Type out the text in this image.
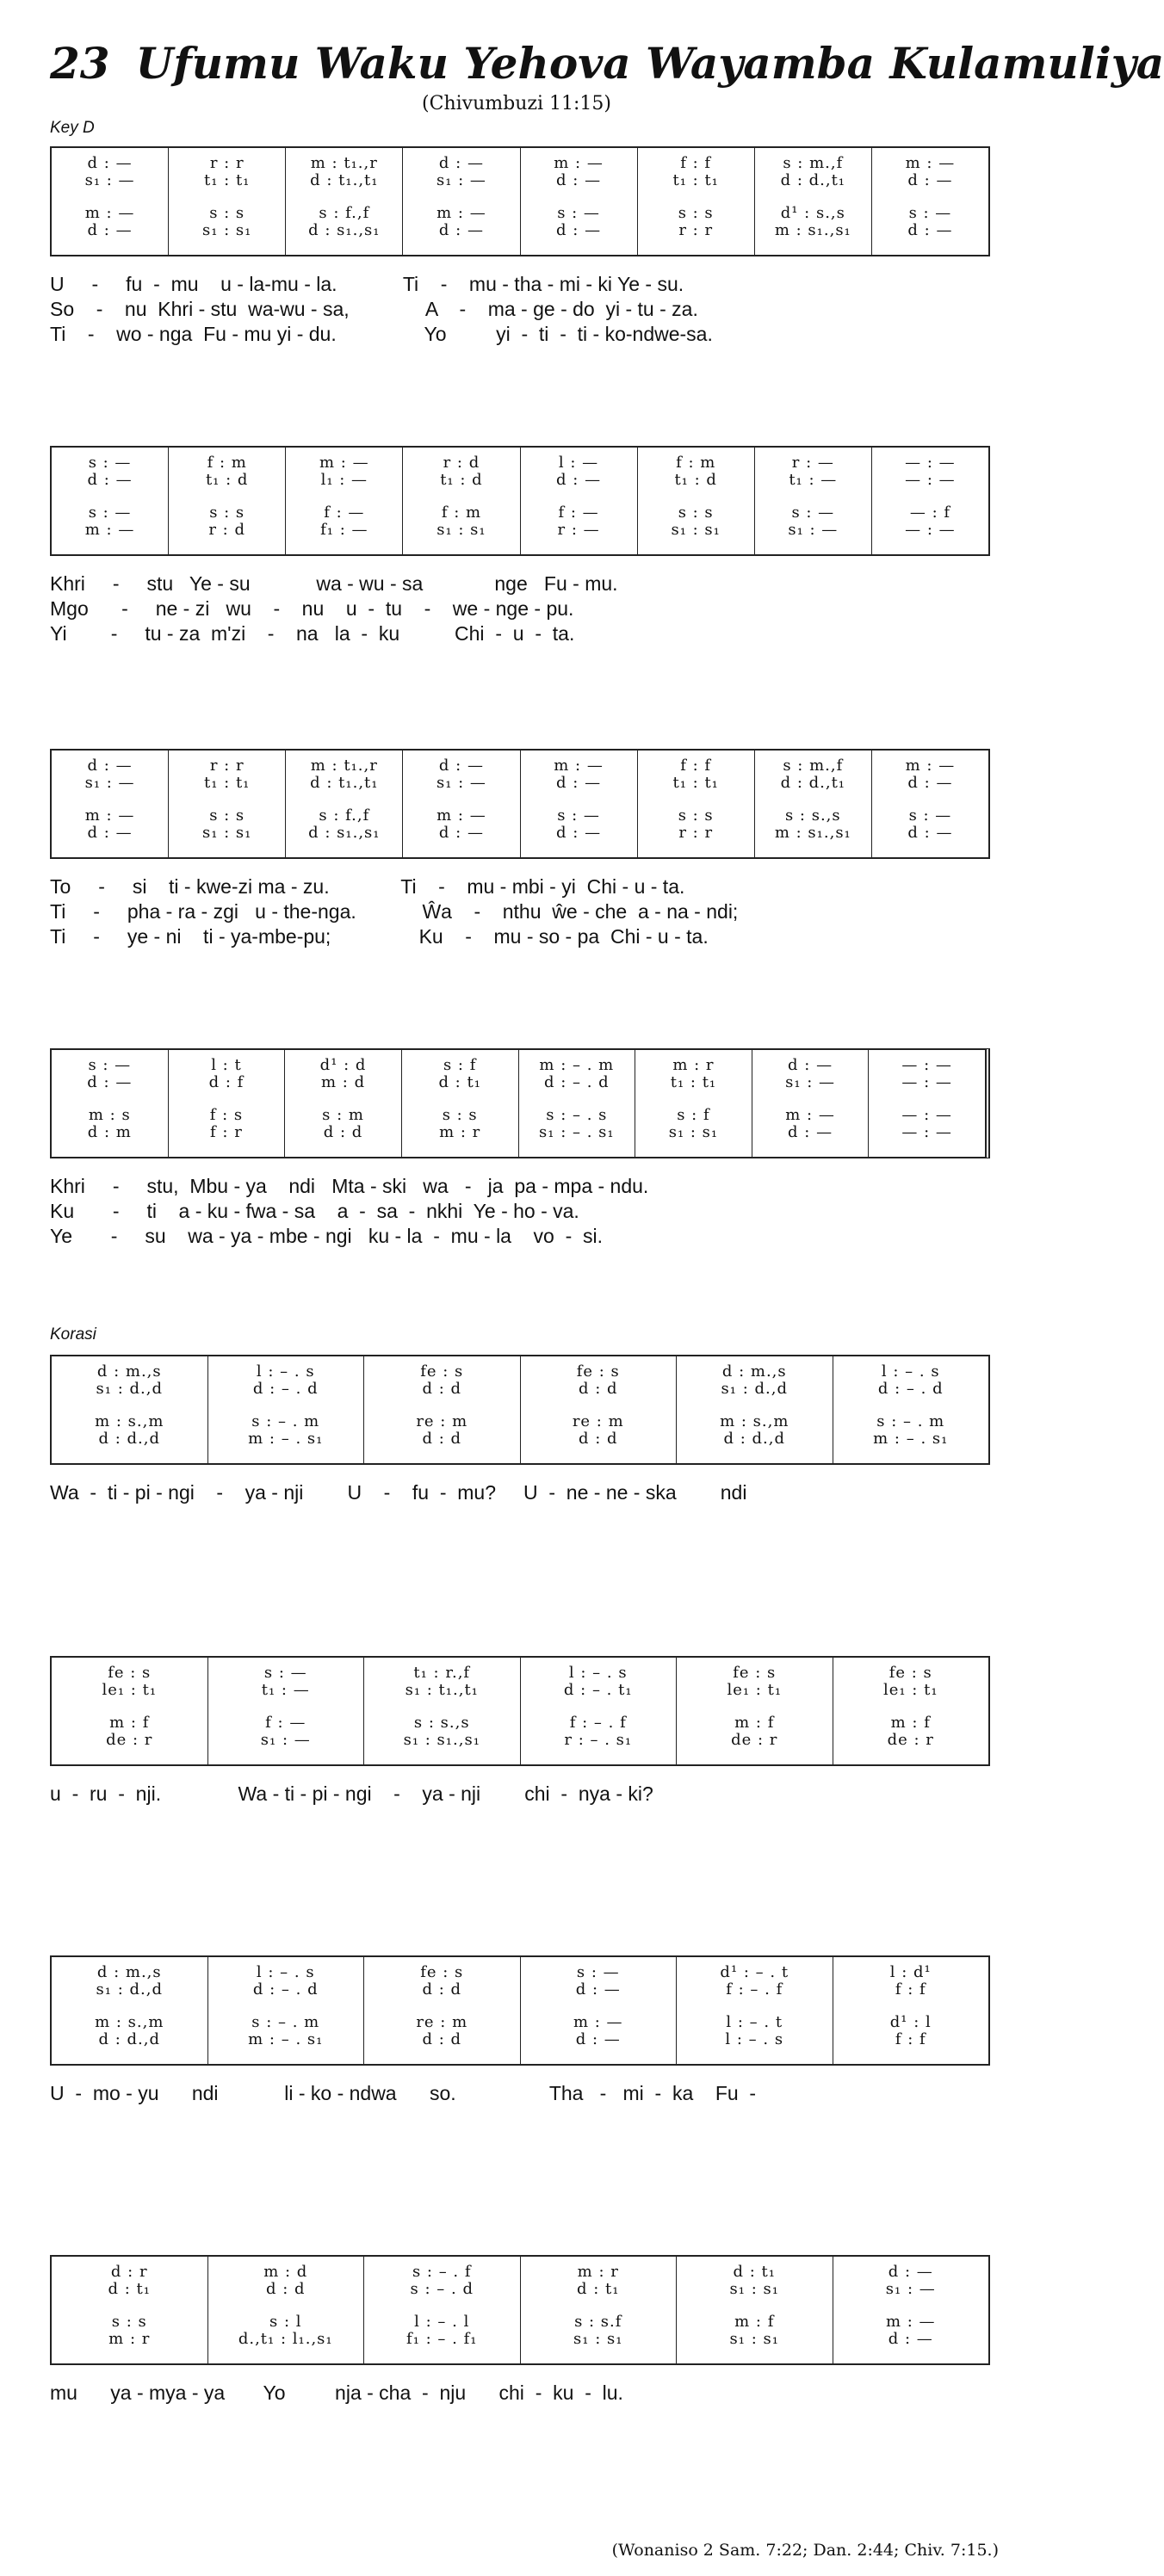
23 Ufumu Waku Yehova Wayamba Kulamuliya
(Chivumbuzi 11:15)
Key D
d : —
s₁ : —
m : —
d : —
r : r
t₁ : t₁
s : s
s₁ : s₁
m : t₁.,r
d : t₁.,t₁
s : f.,f
d : s₁.,s₁
d : —
s₁ : —
m : —
d : —
m : —
d : —
s : —
d : —
f : f
t₁ : t₁
s : s
r : r
s : m.,f
d : d.,t₁
d¹ : s.,s
m : s₁.,s₁
m : —
d : —
s : —
d : —
U     -     fu  -  mu    u - la-mu - la.            Ti    -    mu - tha - mi - ki Ye - su.
So    -    nu  Khri - stu  wa-wu - sa,              A    -    ma - ge - do  yi - tu - za.
Ti    -    wo - nga  Fu - mu yi - du.                Yo         yi  -  ti  -  ti - ko-ndwe-sa.
s : —
d : —
s : —
m : —
f : m
t₁ : d
s : s
r : d
m : —
l₁ : —
f : —
f₁ : —
r : d
t₁ : d
f : m
s₁ : s₁
l : —
d : —
f : —
r : —
f : m
t₁ : d
s : s
s₁ : s₁
r : —
t₁ : —
s : —
s₁ : —
— : —
— : —
— : f
— : —
Khri     -     stu   Ye - su            wa - wu - sa             nge   Fu - mu.
Mgo      -     ne - zi   wu    -    nu    u  -  tu    -    we - nge - pu.
Yi        -     tu - za  m'zi    -    na   la  -  ku          Chi  -  u  -  ta.
d : —
s₁ : —
m : —
d : —
r : r
t₁ : t₁
s : s
s₁ : s₁
m : t₁.,r
d : t₁.,t₁
s : f.,f
d : s₁.,s₁
d : —
s₁ : —
m : —
d : —
m : —
d : —
s : —
d : —
f : f
t₁ : t₁
s : s
r : r
s : m.,f
d : d.,t₁
s : s.,s
m : s₁.,s₁
m : —
d : —
s : —
d : —
To     -     si    ti - kwe-zi ma - zu.             Ti    -    mu - mbi - yi  Chi - u - ta.
Ti     -     pha - ra - zgi   u - the-nga.            Ŵa    -    nthu  ŵe - che  a - na - ndi;
Ti     -     ye - ni    ti - ya-mbe-pu;                Ku    -    mu - so - pa  Chi - u - ta.
s : —
d : —
m : s
d : m
l : t
d : f
f : s
f : r
d¹ : d
m : d
s : m
d : d
s : f
d : t₁
s : s
m : r
m : – . m
d : – . d
s : – . s
s₁ : – . s₁
m : r
t₁ : t₁
s : f
s₁ : s₁
d : —
s₁ : —
m : —
d : —
— : —
— : —
— : —
— : —
Khri     -     stu,  Mbu - ya    ndi   Mta - ski   wa   -   ja  pa - mpa - ndu.
Ku       -     ti    a - ku - fwa - sa    a  -  sa  -  nkhi  Ye - ho - va.
Ye       -     su    wa - ya - mbe - ngi   ku - la  -  mu - la    vo  -  si.
Korasi
d : m.,s
s₁ : d.,d
m : s.,m
d : d.,d
l : – . s
d : – . d
s : – . m
m : – . s₁
fe : s
d : d
re : m
d : d
fe : s
d : d
re : m
d : d
d : m.,s
s₁ : d.,d
m : s.,m
d : d.,d
l : – . s
d : – . d
s : – . m
m : – . s₁
Wa  -  ti - pi - ngi    -    ya - nji        U    -    fu  -  mu?     U  -  ne - ne - ska        ndi
fe : s
le₁ : t₁
m : f
de : r
s : —
t₁ : —
f : —
s₁ : —
t₁ : r.,f
s₁ : t₁.,t₁
s : s.,s
s₁ : s₁.,s₁
l : – . s
d : – . t₁
f : – . f
r : – . s₁
fe : s
le₁ : t₁
m : f
de : r
fe : s
le₁ : t₁
m : f
de : r
u  -  ru  -  nji.              Wa - ti - pi - ngi    -    ya - nji        chi  -  nya - ki?
d : m.,s
s₁ : d.,d
m : s.,m
d : d.,d
l : – . s
d : – . d
s : – . m
m : – . s₁
fe : s
d : d
re : m
d : d
s : —
d : —
m : —
d : —
d¹ : – . t
f : – . f
l : – . t
l : – . s
l : d¹
f : f
d¹ : l
f : f
U  -  mo - yu      ndi            li - ko - ndwa      so.                 Tha   -   mi  -  ka    Fu  -
d : r
d : t₁
s : s
m : r
m : d
d : d
s : l
d.,t₁ : l₁.,s₁
s : – . f
s : – . d
l : – . l
f₁ : – . f₁
m : r
d : t₁
s : s.f
s₁ : s₁
d : t₁
s₁ : s₁
m : f
s₁ : s₁
d : —
s₁ : —
m : —
d : —
mu      ya - mya - ya       Yo         nja - cha  -  nju      chi  -  ku  -  lu.
(Wonaniso 2 Sam. 7:22; Dan. 2:44; Chiv. 7:15.)
